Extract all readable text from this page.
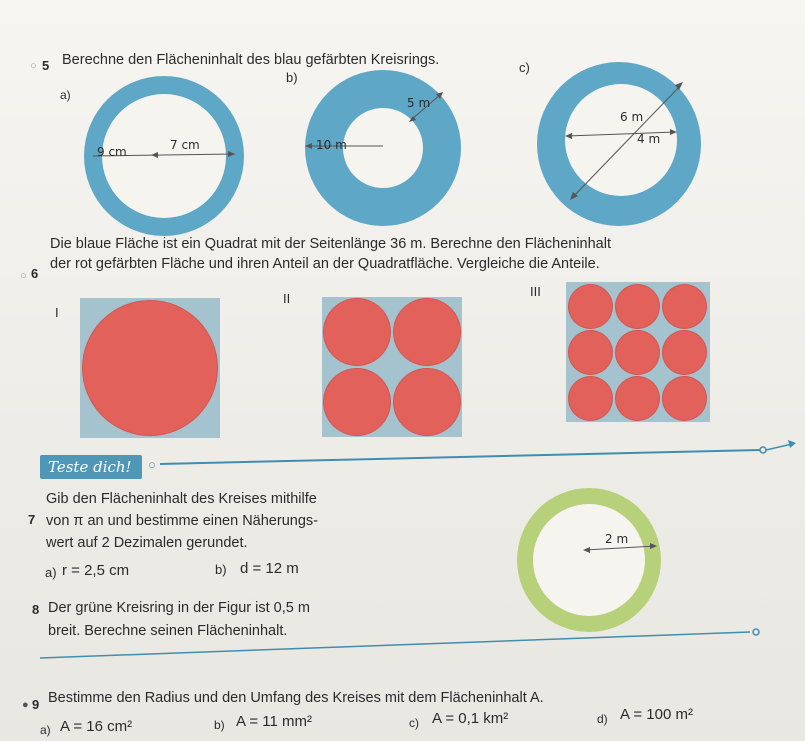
○ 5 Berechne den Flächeninhalt des blau gefärbten Kreisrings.
a)
b)
c)
9 cm	7 cm	10 m
5 m
6 m
4 m
○ 6
Die blaue Fläche ist ein Quadrat mit der Seitenlänge 36 m. Berechne den Flächeninhalt
der rot gefärbten Fläche und ihren Anteil an der Quadratfläche. Vergleiche die Anteile.
I
II	III
Teste dich!	○
7
Gib den Flächeninhalt des Kreises mithilfe
von π an und bestimme einen Näherungs-
wert auf 2 Dezimalen gerundet.
a) r = 2,5 cm	b) d = 12 m
2 m
8 Der grüne Kreisring in der Figur ist 0,5 m
breit. Berechne seinen Flächeninhalt.
● 9 Bestimme den Radius und den Umfang des Kreises mit dem Flächeninhalt A.
a) A = 16 cm²	b) A = 11 mm²	c) A = 0,1 km²	d) A = 100 m²
